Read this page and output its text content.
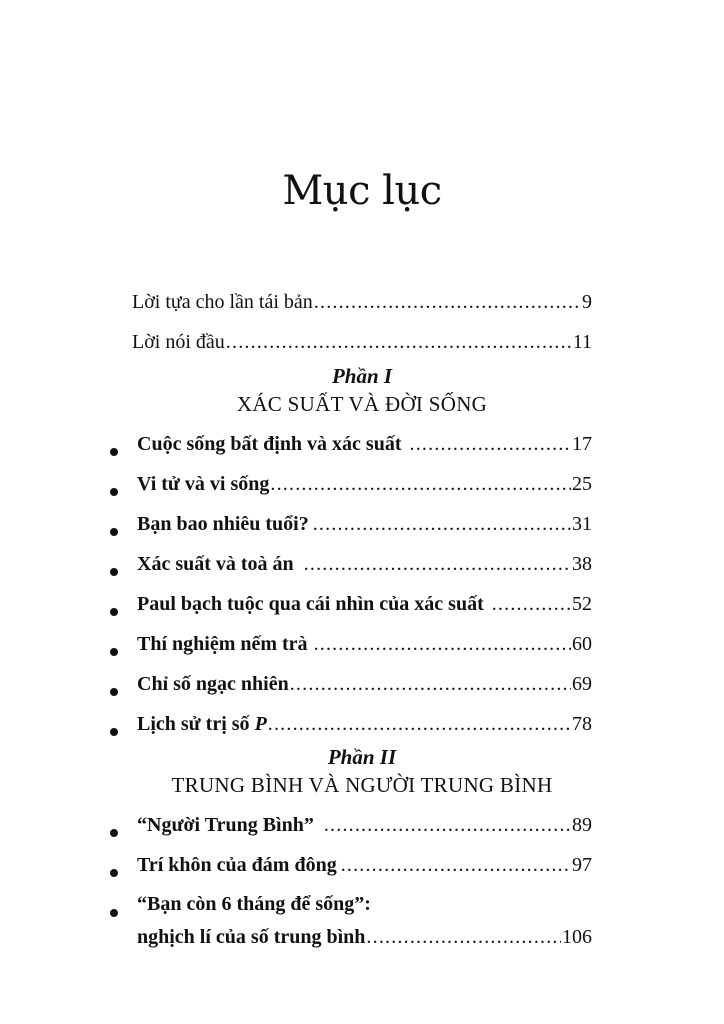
Mục lục
Lời tựa cho lần tái bản .....	9
Lời nói đầu .....	11
Phần I
XÁC SUẤT VÀ ĐỜI SỐNG
Cuộc sống bất định và xác suất .....	17
Vi tử và vi sống .....	25
Bạn bao nhiêu tuổi? .....	31
Xác suất và toà án .....	38
Paul bạch tuộc qua cái nhìn của xác suất .....	52
Thí nghiệm nếm trà .....	60
Chỉ số ngạc nhiên .....	69
Lịch sử trị số P .....	78
Phần II
TRUNG BÌNH VÀ NGƯỜI TRUNG BÌNH
“Người Trung Bình” .....	89
Trí khôn của đám đông .....	97
“Bạn còn 6 tháng để sống”:
nghịch lí của số trung bình .....	106
